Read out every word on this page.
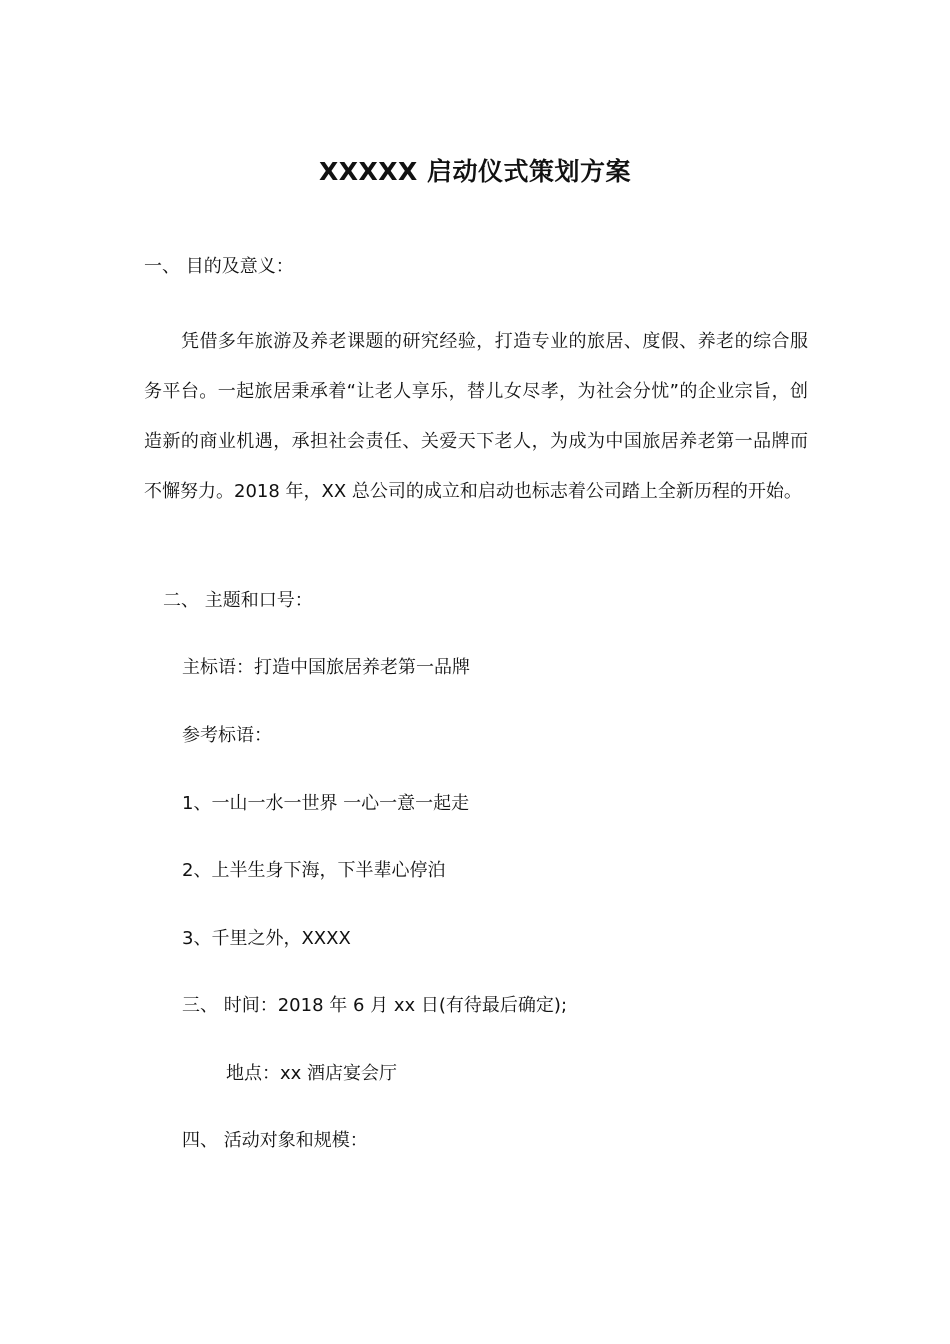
XXXXX 启动仪式策划方案
一、 目的及意义：
凭借多年旅游及养老课题的研究经验，打造专业的旅居、度假、养老的综合服务平台。一起旅居秉承着“让老人享乐，替儿女尽孝，为社会分忧”的企业宗旨，创造新的商业机遇，承担社会责任、关爱天下老人，为成为中国旅居养老第一品牌而不懈努力。2018 年，XX 总公司的成立和启动也标志着公司踏上全新历程的开始。
二、 主题和口号：
主标语：打造中国旅居养老第一品牌
参考标语：
1、一山一水一世界 一心一意一起走
2、上半生身下海，下半辈心停泊
3、千里之外，XXXX
三、 时间：2018 年 6 月 xx 日(有待最后确定);
地点：xx 酒店宴会厅
四、 活动对象和规模：
